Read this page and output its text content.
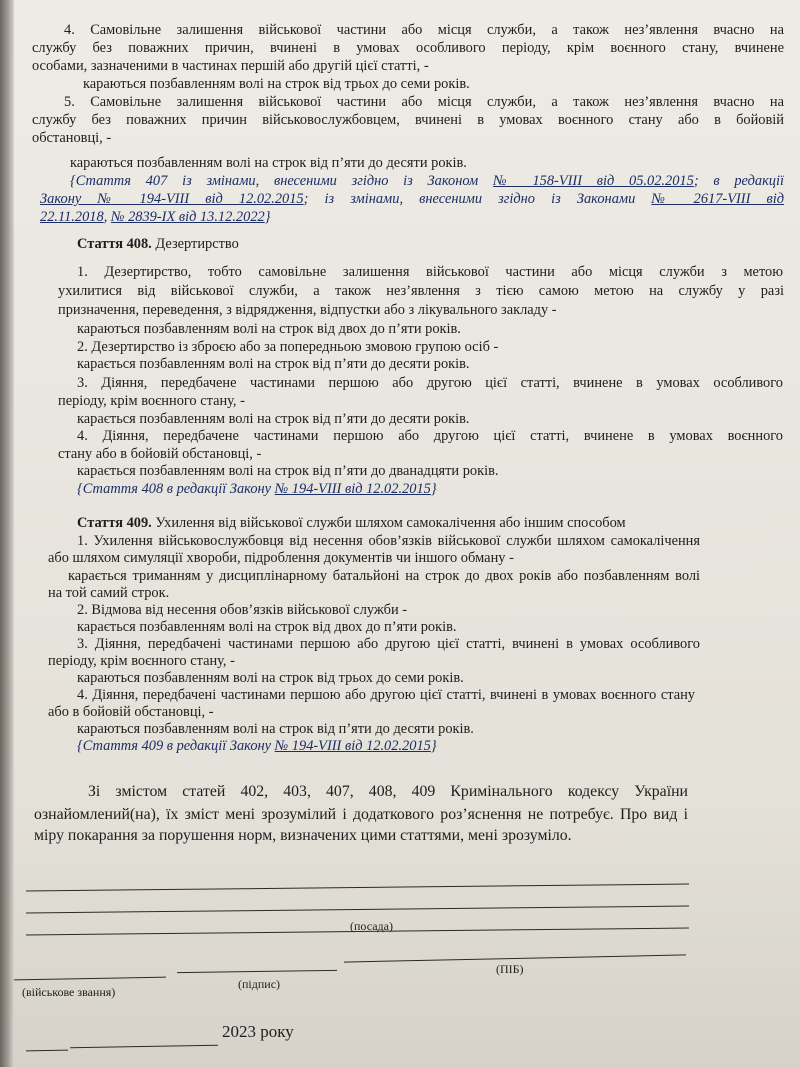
4. Самовільне залишення військової частини або місця служби, а також нез’явлення вчасно на
службу без поважних причин, вчинені в умовах особливого періоду, крім воєнного стану, вчинене
особами, зазначеними в частинах першій або другій цієї статті, -
караються позбавленням волі на строк від трьох до семи років.
5. Самовільне залишення військової частини або місця служби, а також нез’явлення вчасно на
службу без поважних причин військовослужбовцем, вчинені в умовах воєнного стану або в бойовій
обстановці, -
караються позбавленням волі на строк від п’яти до десяти років.
{Стаття 407 із змінами, внесеними згідно із Законом № 158-VIII від 05.02.2015; в редакції
Закону № 194-VIII від 12.02.2015; із змінами, внесеними згідно із Законами № 2617-VIII від
22.11.2018, № 2839-IX від 13.12.2022}
Стаття 408. Дезертирство
1. Дезертирство, тобто самовільне залишення військової частини або місця служби з метою
ухилитися від військової служби, а також нез’явлення з тією самою метою на службу у разі
призначення, переведення, з відрядження, відпустки або з лікувального закладу -
караються позбавленням волі на строк від двох до п’яти років.
2. Дезертирство із зброєю або за попередньою змовою групою осіб -
карається позбавленням волі на строк від п’яти до десяти років.
3. Діяння, передбачене частинами першою або другою цієї статті, вчинене в умовах особливого
періоду, крім воєнного стану, -
карається позбавленням волі на строк від п’яти до десяти років.
4. Діяння, передбачене частинами першою або другою цієї статті, вчинене в умовах воєнного
стану або в бойовій обстановці, -
карається позбавленням волі на строк від п’яти до дванадцяти років.
{Стаття 408 в редакції Закону № 194-VIII від 12.02.2015}
Стаття 409. Ухилення від військової служби шляхом самокалічення або іншим способом
1. Ухилення військовослужбовця від несення обов’язків військової служби шляхом самокалічення
або шляхом симуляції хвороби, підроблення документів чи іншого обману -
карається триманням у дисциплінарному батальйоні на строк до двох років або позбавленням волі
на той самий строк.
2. Відмова від несення обов’язків військової служби -
карається позбавленням волі на строк від двох до п’яти років.
3. Діяння, передбачені частинами першою або другою цієї статті, вчинені в умовах особливого
періоду, крім воєнного стану, -
караються позбавленням волі на строк від трьох до семи років.
4. Діяння, передбачені частинами першою або другою цієї статті, вчинені в умовах воєнного стану
або в бойовій обстановці, -
караються позбавленням волі на строк від п’яти до десяти років.
{Стаття 409 в редакції Закону № 194-VIII від 12.02.2015}
Зі змістом статей 402, 403, 407, 408, 409 Кримінального кодексу України
ознайомлений(на), їх зміст мені зрозумілий і додаткового роз’яснення не потребує. Про вид і
міру покарання за порушення норм, визначених цими статтями, мені зрозуміло.
(посада)
(військове звання)
(підпис)
(ПІБ)
2023 року
